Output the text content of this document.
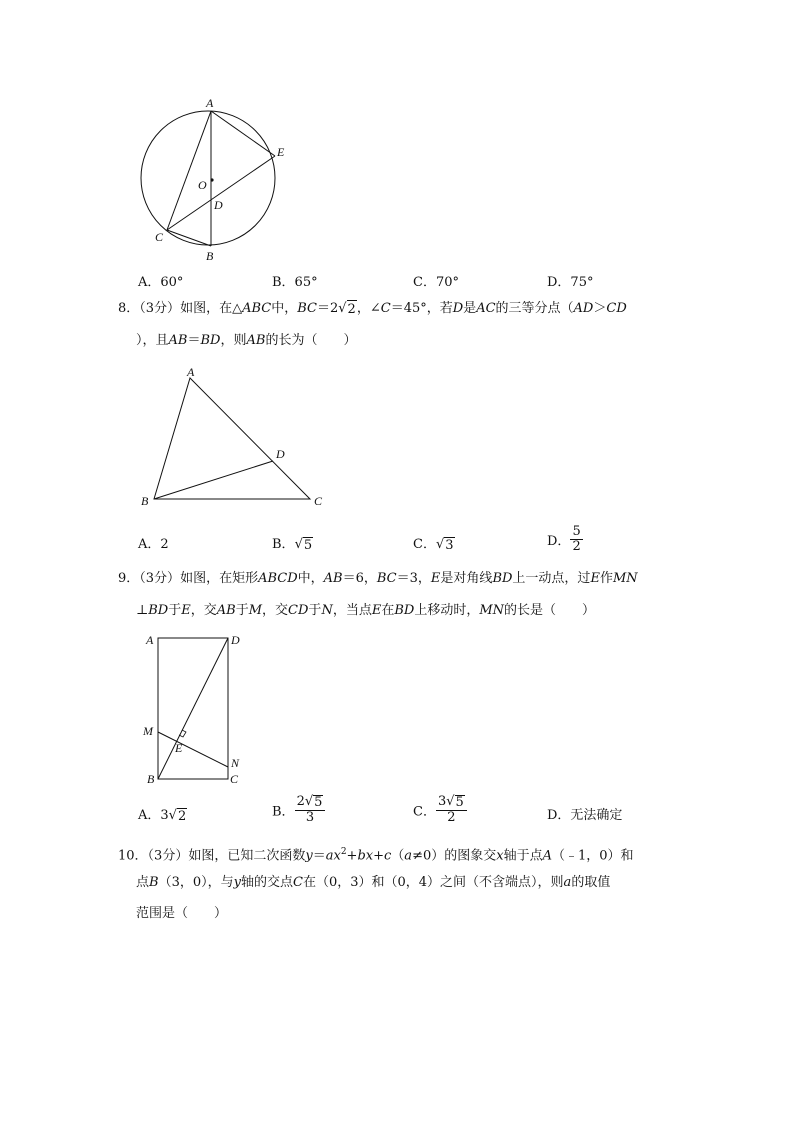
A
E
O
D
C
B
A．60°	B．65°	C．70°	D．75°
8．（3分）如图，在△ABC中，BC＝2 √ 2 ，∠C＝45°，若D是AC的三等分点（AD＞CD
），且AB＝BD，则AB的长为（　　）
A
D
B	C
A．2	B． √ 5	C． √ 3	D． $\frac{5}{2}$
9．（3分）如图，在矩形ABCD中，AB＝6，BC＝3，E是对角线BD上一动点，过E作MN
⊥BD于E，交AB于M，交CD于N，当点E在BD上移动时，MN的长是（　　）
A	D
M
E
N
B	C
A．3 √ 2	B． $\frac{2 √ 5}{3}$	C． $\frac{3 √ 5}{2}$	D．无法确定
10．（3分）如图，已知二次函数$y=ax^2+bx+c(a\ne 0)$的图象交x轴于点A（﹣1，0）和
点B（3，0），与y轴的交点C在（0，3）和（0，4）之间（不含端点），则a的取值
范围是（　　）
